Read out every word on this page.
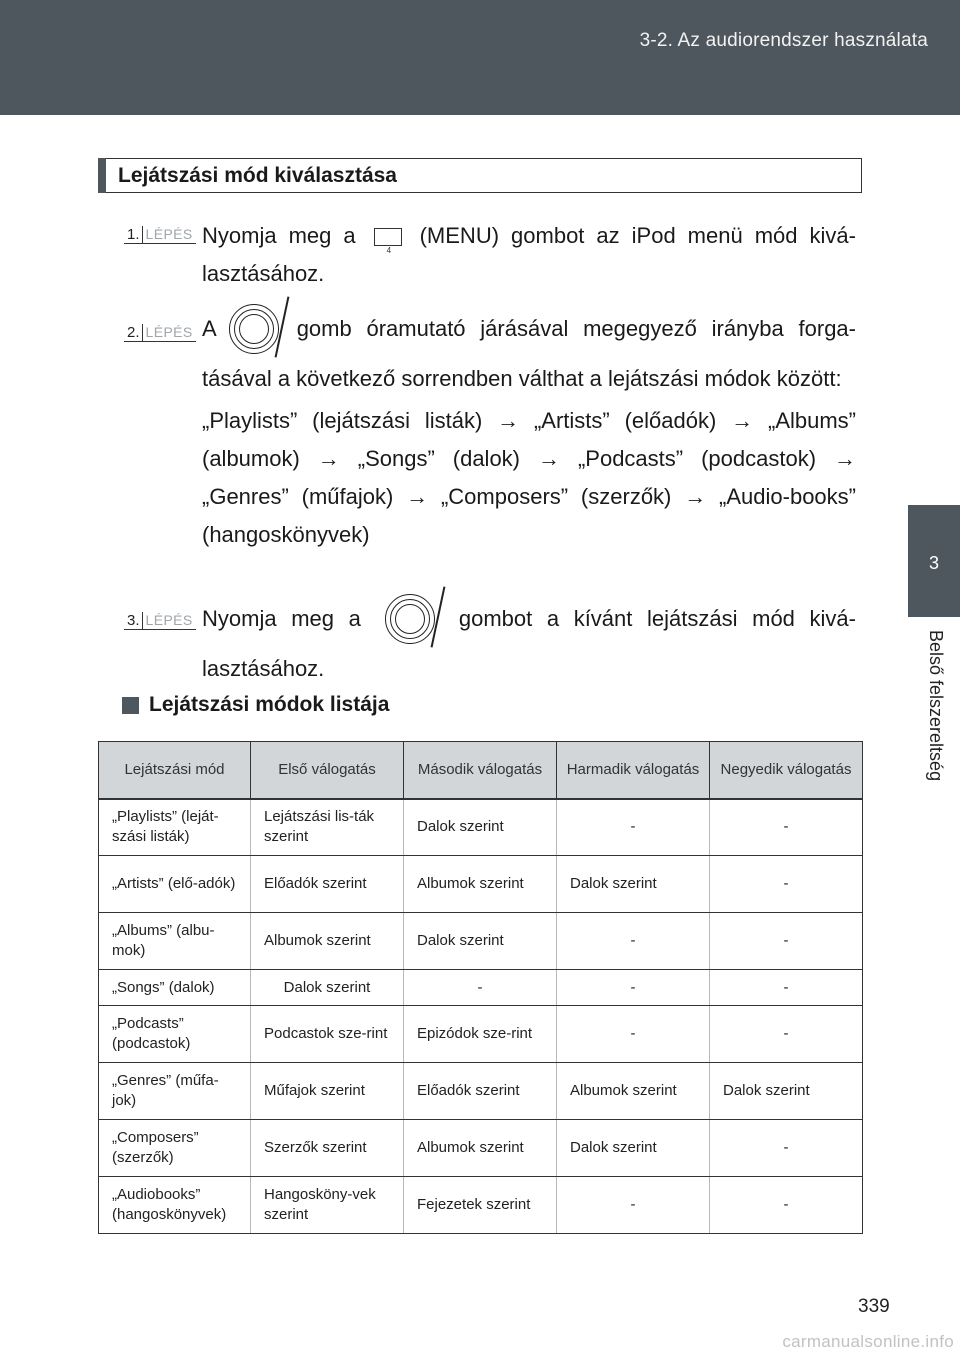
3-2. Az audiorendszer használata
3
Belső felszereltség
Lejátszási mód kiválasztása
1. LÉPÉS Nyomja meg a
4
(MENU) gombot az iPod menü mód kivá-lasztásához.
2. LÉPÉS A	gomb óramutató járásával megegyező irányba forga-tásával a következő sorrendben válthat a lejátszási módok között:
„Playlists” (lejátszási listák) → „Artists” (előadók) → „Albums” (albumok) → „Songs” (dalok) → „Podcasts” (podcastok) → „Genres” (műfajok) → „Composers” (szerzők) → „Audio-books” (hangoskönyvek)
3. LÉPÉS Nyomja meg a	gombot a kívánt lejátszási mód kivá-lasztásához.
Lejátszási módok listája
Lejátszási mód	Első válogatás	Második válogatás	Harmadik válogatás	Negyedik válogatás
„Playlists” (leját-szási listák)	Lejátszási lis-ták szerint	Dalok szerint	-	-
„Artists” (elő-adók)	Előadók szerint	Albumok szerint	Dalok szerint	-
„Albums” (albu-mok)	Albumok szerint	Dalok szerint	-	-
„Songs” (dalok)	Dalok szerint	-	-	-
„Podcasts” (podcastok)	Podcastok sze-rint	Epizódok sze-rint	-	-
„Genres” (műfa-jok)	Műfajok szerint	Előadók szerint	Albumok szerint	Dalok szerint
„Composers” (szerzők)	Szerzők szerint	Albumok szerint	Dalok szerint	-
„Audiobooks” (hangoskönyvek)	Hangosköny-vek szerint	Fejezetek szerint	-	-
339
carmanualsonline.info
